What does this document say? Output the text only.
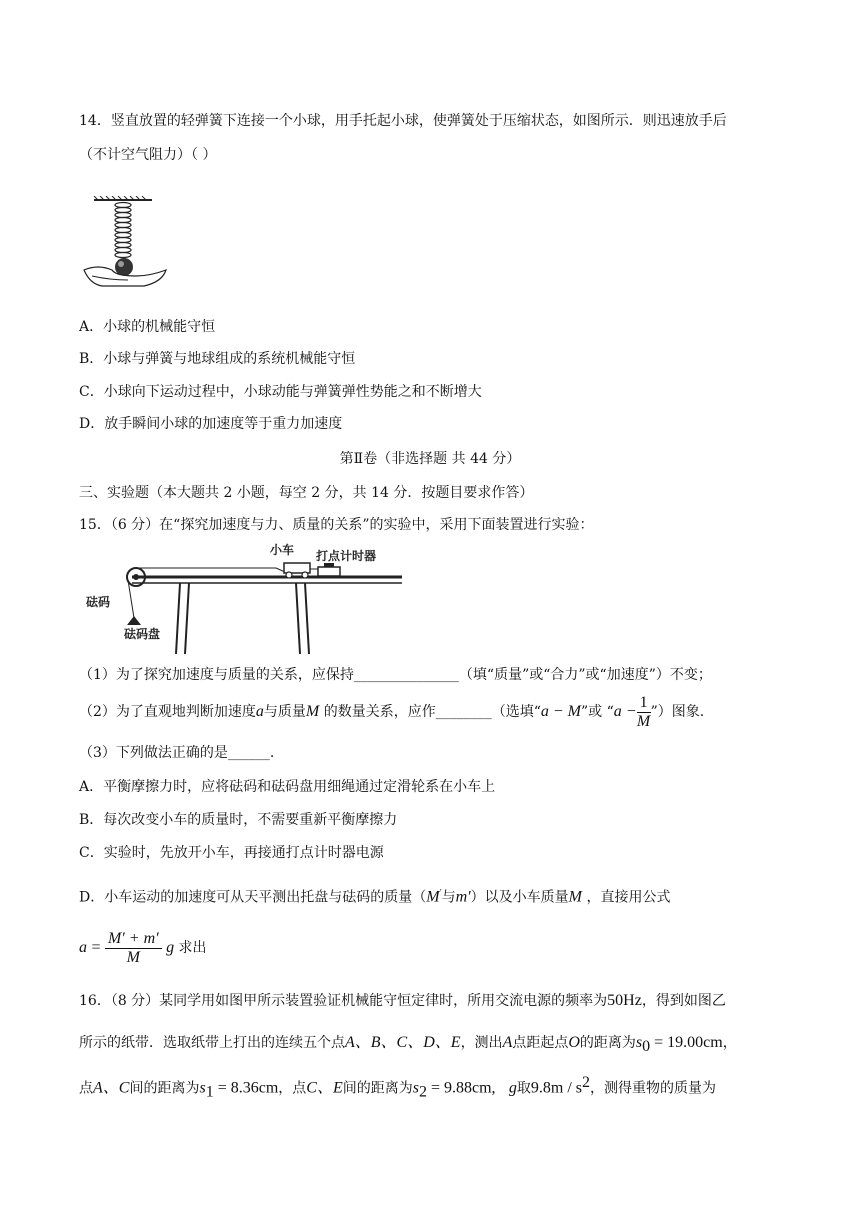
14．竖直放置的轻弹簧下连接一个小球，用手托起小球，使弹簧处于压缩状态，如图所示．则迅速放手后
（不计空气阻力）（ ）
A．小球的机械能守恒
B．小球与弹簧与地球组成的系统机械能守恒
C．小球向下运动过程中，小球动能与弹簧弹性势能之和不断增大
D．放手瞬间小球的加速度等于重力加速度
第Ⅱ卷（非选择题 共 44 分）
三、实验题（本大题共 2 小题，每空 2 分，共 14 分．按题目要求作答）
15．（6 分）在“探究加速度与力、质量的关系”的实验中，采用下面装置进行实验：
小车 打点计时器
砝码
砝码盘
（1）为了探究加速度与质量的关系，应保持_______________（填“质量”或“合力”或“加速度”）不变；
（2）为了直观地判断加速度a与质量M 的数量关系，应作________（选填“a − M”或 “$a - \frac{1}{M}$ ”）图象.
（3）下列做法正确的是______.
A．平衡摩擦力时，应将砝码和砝码盘用细绳通过定滑轮系在小车上
B．每次改变小车的质量时，不需要重新平衡摩擦力
C．实验时，先放开小车，再接通打点计时器电源
D．小车运动的加速度可从天平测出托盘与砝码的质量（M′与m′）以及小车质量M ，直接用公式
$a = \frac{M' + m'}{M}$ g 求出
16．（8 分）某同学用如图甲所示装置验证机械能守恒定律时，所用交流电源的频率为50Hz，得到如图乙
所示的纸带．选取纸带上打出的连续五个点A、B、C、D、E，测出A点距起点O的距离为$s_0 = 19.00cm$，
点A、C间的距离为$s_1 = 8.36cm$，点C、E间的距离为$s_2 = 9.88cm$, g取$9.8m / s^2$，测得重物的质量为
